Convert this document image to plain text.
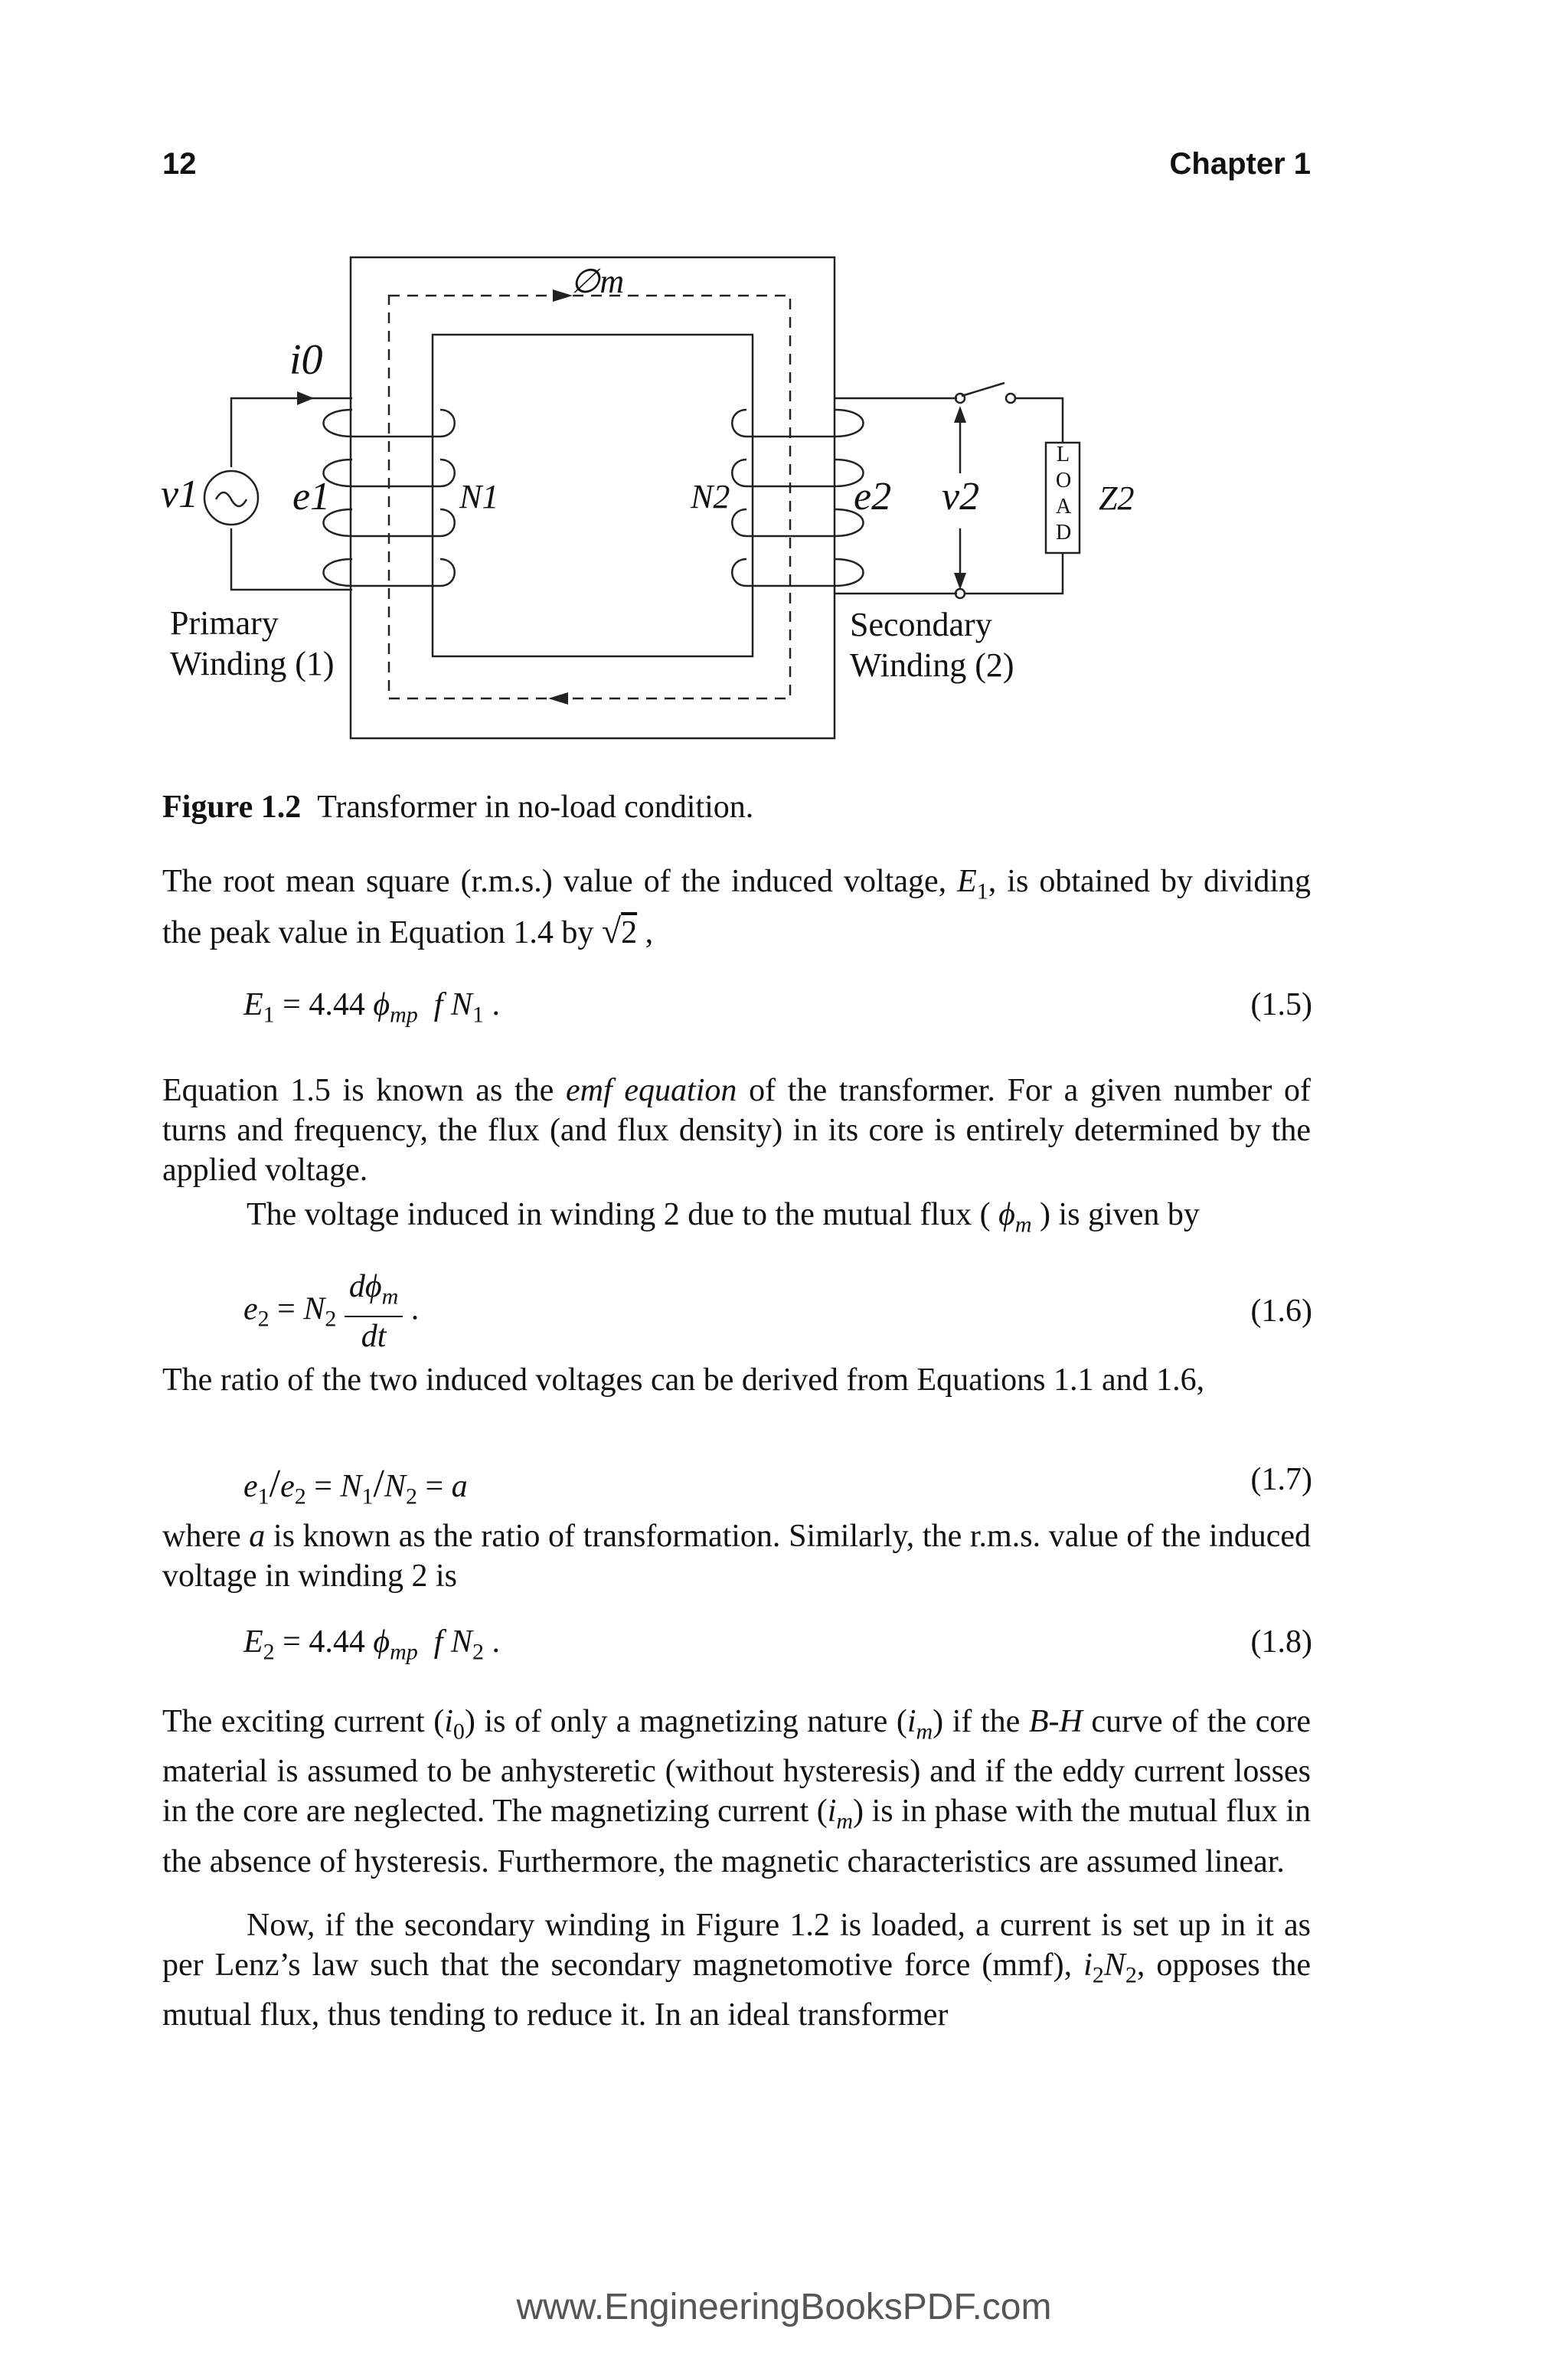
12	Chapter 1
∅m
i0
v1 e1	N1	N2	e2 v2	Z2
L
O
A
D
Primary
Winding (1)
Secondary
Winding (2)
Figure 1.2 Transformer in no-load condition.
The root mean square (r.m.s.) value of the induced voltage, $E_1$, is obtained by dividing the peak value in Equation 1.4 by √2 ,
$E_1 = 4.44$ $\phi_{mp}$ f $N_1$ .	(1.5)
Equation 1.5 is known as the emf equation of the transformer. For a given number of turns and frequency, the flux (and flux density) in its core is entirely determined by the applied voltage.
The voltage induced in winding 2 due to the mutual flux ( $\phi_m$ ) is given by
$e_2 = N_2 \frac{d\phi_m}{dt}$ .	(1.6)
The ratio of the two induced voltages can be derived from Equations 1.1 and 1.6,
$e_1/e_2 = N_1/N_2 = a$	(1.7)
where a is known as the ratio of transformation. Similarly, the r.m.s. value of the induced voltage in winding 2 is
$E_2 = 4.44$ $\phi_{mp}$ f $N_2$ .	(1.8)
The exciting current $(i_0)$ is of only a magnetizing nature $(i_m)$ if the B-H curve of the core material is assumed to be anhysteretic (without hysteresis) and if the eddy current losses in the core are neglected. The magnetizing current $(i_m)$ is in phase with the mutual flux in the absence of hysteresis. Furthermore, the magnetic characteristics are assumed linear.
Now, if the secondary winding in Figure 1.2 is loaded, a current is set up in it as per Lenz’s law such that the secondary magnetomotive force (mmf), $i_2N_2$, opposes the mutual flux, thus tending to reduce it. In an ideal transformer
www.EngineeringBooksPDF.com
